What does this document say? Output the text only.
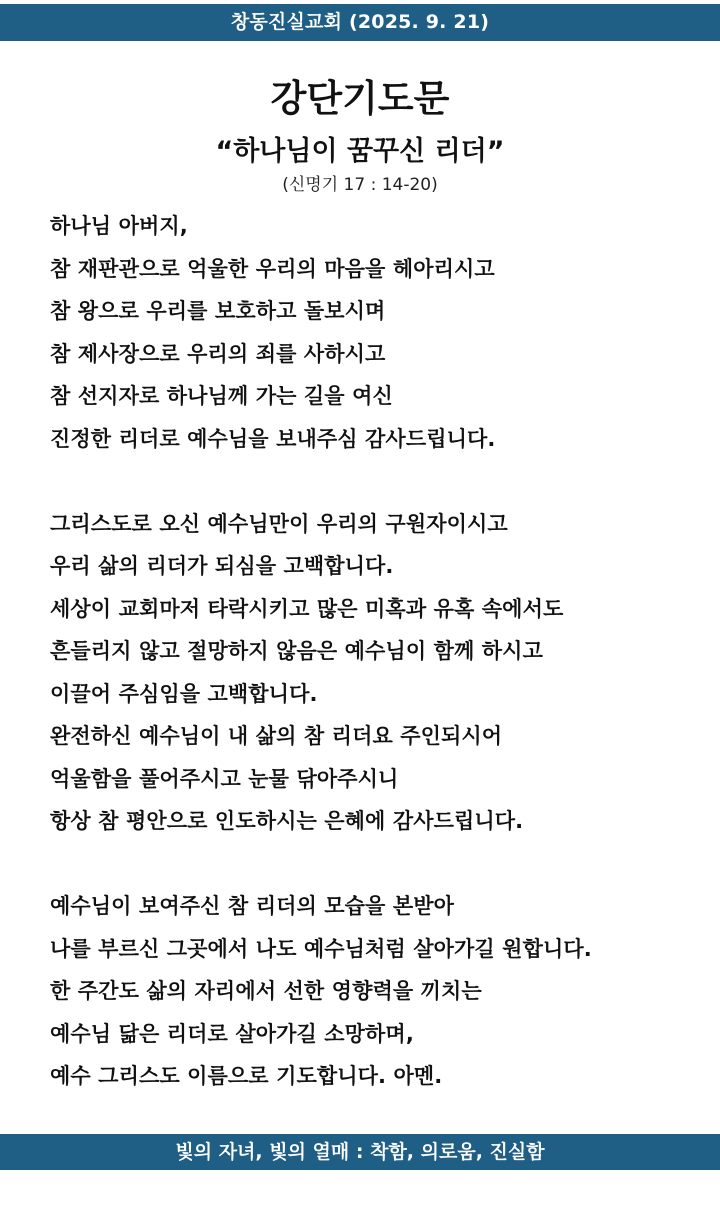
창동진실교회 (2025. 9. 21)
강단기도문
“하나님이 꿈꾸신 리더”
(신명기 17 : 14-20)
하나님 아버지,
참 재판관으로 억울한 우리의 마음을 헤아리시고
참 왕으로 우리를 보호하고 돌보시며
참 제사장으로 우리의 죄를 사하시고
참 선지자로 하나님께 가는 길을 여신
진정한 리더로 예수님을 보내주심 감사드립니다.
그리스도로 오신 예수님만이 우리의 구원자이시고
우리 삶의 리더가 되심을 고백합니다.
세상이 교회마저 타락시키고 많은 미혹과 유혹 속에서도
흔들리지 않고 절망하지 않음은 예수님이 함께 하시고
이끌어 주심임을 고백합니다.
완전하신 예수님이 내 삶의 참 리더요 주인되시어
억울함을 풀어주시고 눈물 닦아주시니
항상 참 평안으로 인도하시는 은혜에 감사드립니다.
예수님이 보여주신 참 리더의 모습을 본받아
나를 부르신 그곳에서 나도 예수님처럼 살아가길 원합니다.
한 주간도 삶의 자리에서 선한 영향력을 끼치는
예수님 닮은 리더로 살아가길 소망하며,
예수 그리스도 이름으로 기도합니다. 아멘.
빛의 자녀, 빛의 열매 : 착함, 의로움, 진실함
